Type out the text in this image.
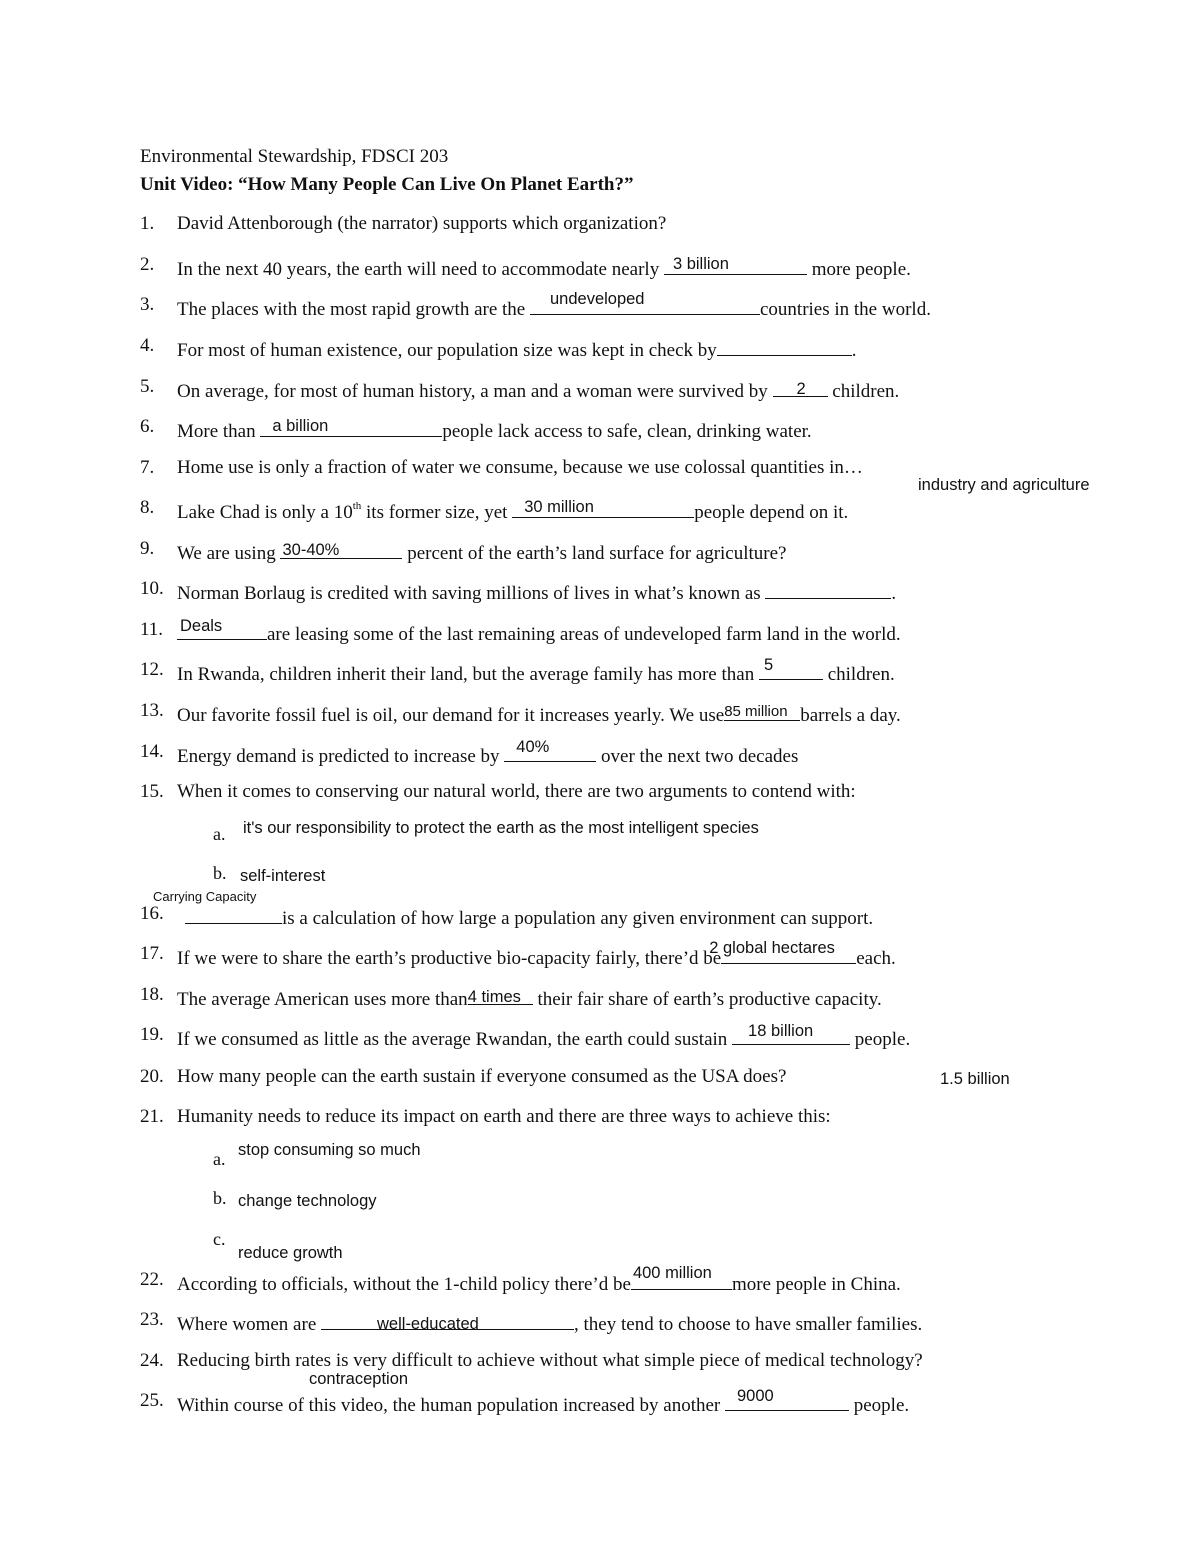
Environmental Stewardship, FDSCI 203
Unit Video: “How Many People Can Live On Planet Earth?”
1. David Attenborough (the narrator) supports which organization?
2. In the next 40 years, the earth will need to accommodate nearly 3 billion	more people.
3. The places with the most rapid growth are the undeveloped	countries in the world.
4. For most of human existence, our population size was kept in check by	.
5. On average, for most of human history, a man and a woman were survived by 2 children.
6. More than a billion	people lack access to safe, clean, drinking water.
7. Home use is only a fraction of water we consume, because we use colossal quantities in…
industry and agriculture
8. Lake Chad is only a 10th its former size, yet 30 million	people depend on it.
9. We are using 30-40%	percent of the earth’s land surface for agriculture?
10. Norman Borlaug is credited with saving millions of lives in what’s known as	.
11. Deals are leasing some of the last remaining areas of undeveloped farm land in the world.
12. In Rwanda, children inherit their land, but the average family has more than 5	children.
13. Our favorite fossil fuel is oil, our demand for it increases yearly. We use 85 million barrels a day.
14. Energy demand is predicted to increase by 40% over the next two decades
15. When it comes to conserving our natural world, there are two arguments to contend with:
a. it's our responsibility to protect the earth as the most intelligent species
b. self-interest
Carrying Capacity
16.	is a calculation of how large a population any given environment can support.
17. If we were to share the earth’s productive bio-capacity fairly, there’d be
2 global hectares each.
18. The average American uses more than 4 times their fair share of earth’s productive capacity.
19. If we consumed as little as the average Rwandan, the earth could sustain 18 billion people.
20. How many people can the earth sustain if everyone consumed as the USA does?	1.5 billion
21. Humanity needs to reduce its impact on earth and there are three ways to achieve this:
a. stop consuming so much
b. change technology
c.
reduce growth
22. According to officials, without the 1-child policy there’d be
400 million
more people in China.
23. Where women are	well-educated	, they tend to choose to have smaller families.
24. Reducing birth rates is very difficult to achieve without what simple piece of medical technology?
contraception
25. Within course of this video, the human population increased by another 9000	people.
